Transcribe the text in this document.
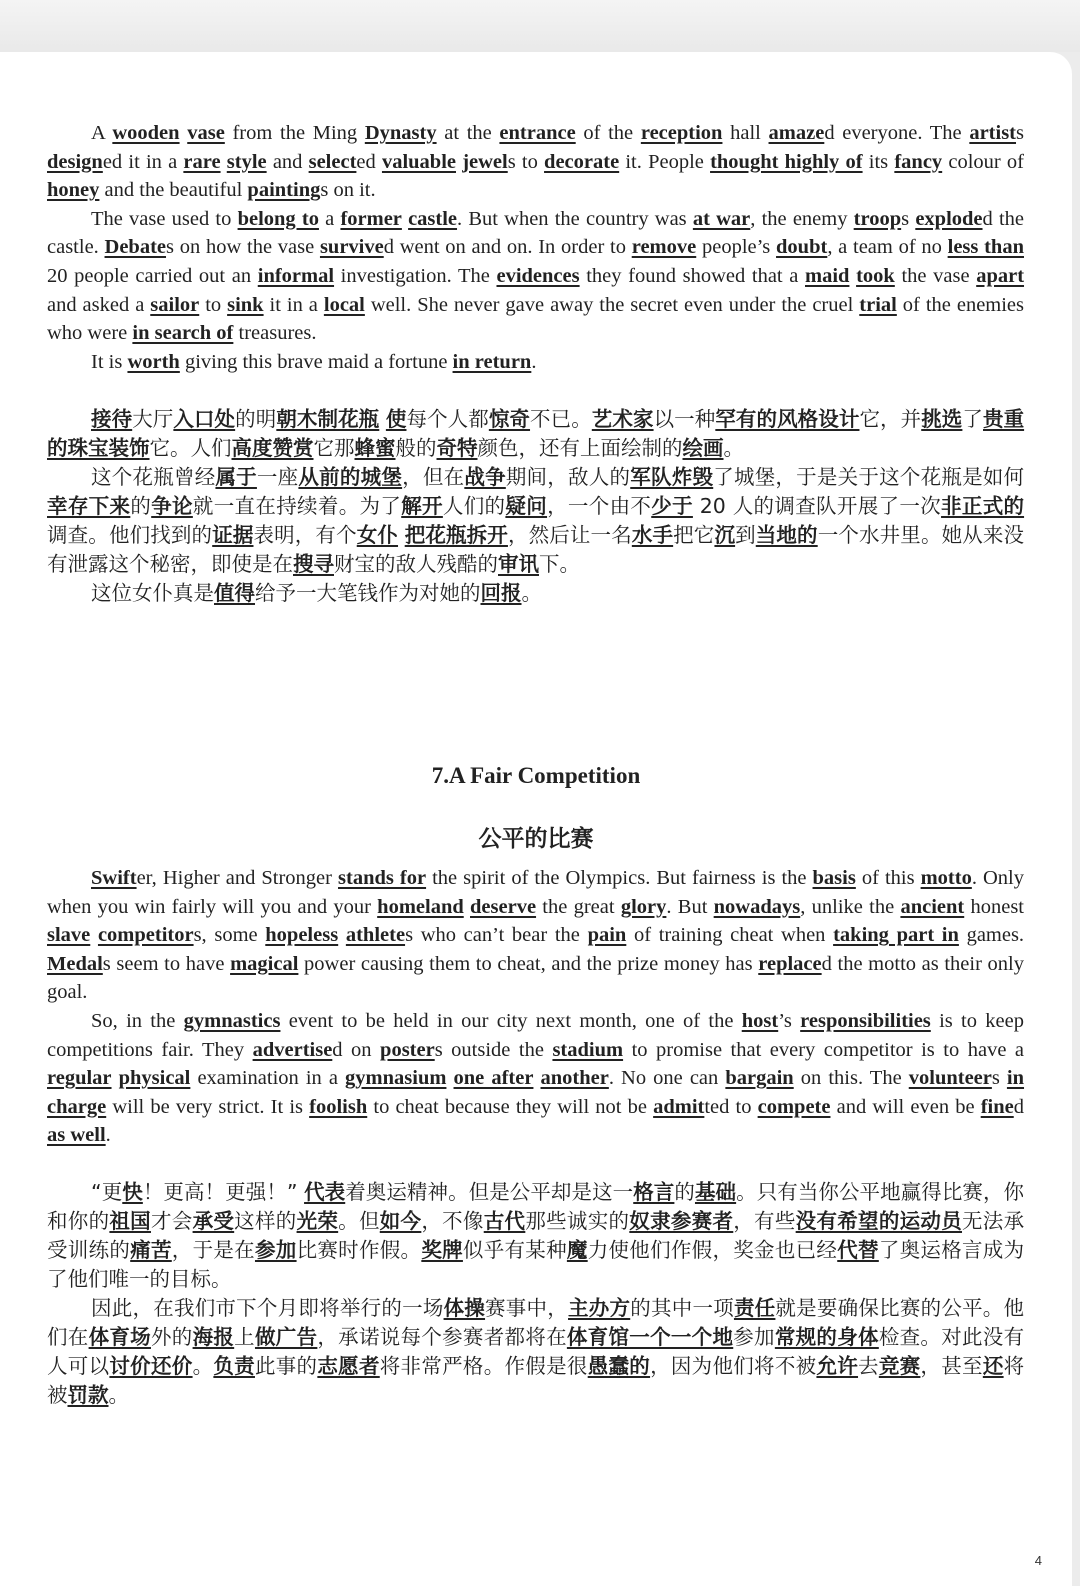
A wooden vase from the Ming Dynasty at the entrance of the reception hall amazed everyone. The artists designed it in a rare style and selected valuable jewels to decorate it. People thought highly of its fancy colour of honey and the beautiful paintings on it.

The vase used to belong to a former castle. But when the country was at war, the enemy troops exploded the castle. Debates on how the vase survived went on and on. In order to remove people’s doubt, a team of no less than 20 people carried out an informal investigation. The evidences they found showed that a maid took the vase apart and asked a sailor to sink it in a local well. She never gave away the secret even under the cruel trial of the enemies who were in search of treasures.

It is worth giving this brave maid a fortune in return.

接待大厅入口处的明朝木制花瓶 使每个人都惊奇不已。艺术家以一种罕有的风格设计它，并挑选了贵重的珠宝装饰它。人们高度赞赏它那蜂蜜般的奇特颜色，还有上面绘制的绘画。

这个花瓶曾经属于一座从前的城堡，但在战争期间，敌人的军队炸毁了城堡，于是关于这个花瓶是如何幸存下来的争论就一直在持续着。为了解开人们的疑问，一个由不少于 20 人的调查队开展了一次非正式的调查。他们找到的证据表明，有个女仆 把花瓶拆开，然后让一名水手把它沉到当地的一个水井里。她从来没有泄露这个秘密，即使是在搜寻财宝的敌人残酷的审讯下。

这位女仆真是值得给予一大笔钱作为对她的回报。

7.A Fair Competition
公平的比赛

Swifter, Higher and Stronger stands for the spirit of the Olympics. But fairness is the basis of this motto. Only when you win fairly will you and your homeland deserve the great glory. But nowadays, unlike the ancient honest slave competitors, some hopeless athletes who can’t bear the pain of training cheat when taking part in games. Medals seem to have magical power causing them to cheat, and the prize money has replaced the motto as their only goal.

So, in the gymnastics event to be held in our city next month, one of the host’s responsibilities is to keep competitions fair. They advertised on posters outside the stadium to promise that every competitor is to have a regular physical examination in a gymnasium one after another. No one can bargain on this. The volunteers in charge will be very strict. It is foolish to cheat because they will not be admitted to compete and will even be fined as well.

“更快！更高！更强！” 代表着奥运精神。但是公平却是这一格言的基础。只有当你公平地赢得比赛，你和你的祖国才会承受这样的光荣。但如今，不像古代那些诚实的奴隶参赛者，有些没有希望的运动员无法承受训练的痛苦，于是在参加比赛时作假。奖牌似乎有某种魔力使他们作假，奖金也已经代替了奥运格言成为了他们唯一的目标。

因此，在我们市下个月即将举行的一场体操赛事中，主办方的其中一项责任就是要确保比赛的公平。他们在体育场外的海报上做广告，承诺说每个参赛者都将在体育馆一个一个地参加常规的身体检查。对此没有人可以讨价还价。负责此事的志愿者将非常严格。作假是很愚蠢的，因为他们将不被允许去竞赛，甚至还将被罚款。

4
